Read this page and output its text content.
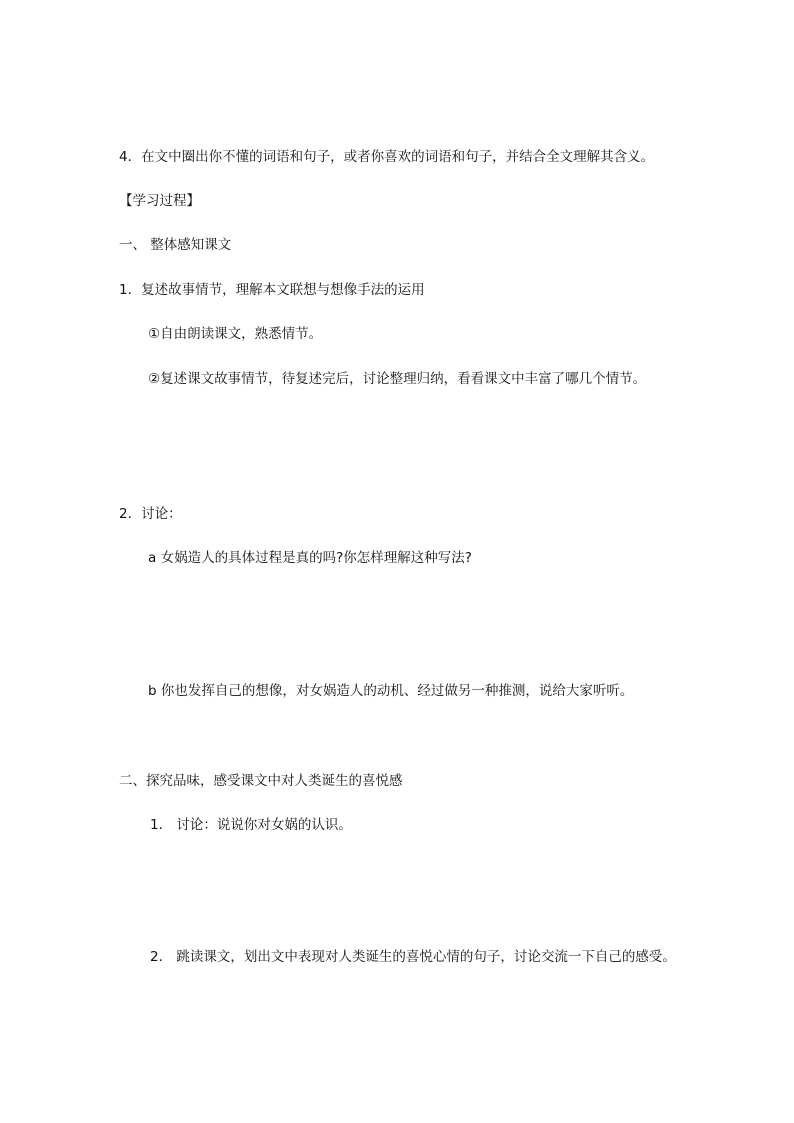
4．在文中圈出你不懂的词语和句子，或者你喜欢的词语和句子，并结合全文理解其含义。
【学习过程】
一、 整体感知课文
1．复述故事情节，理解本文联想与想像手法的运用
①自由朗读课文，熟悉情节。
②复述课文故事情节，待复述完后，讨论整理归纳，看看课文中丰富了哪几个情节。
2．讨论：
a 女娲造人的具体过程是真的吗?你怎样理解这种写法?
b 你也发挥自己的想像，对女娲造人的动机、经过做另一种推测，说给大家听听。
二、探究品味，感受课文中对人类诞生的喜悦感
1． 讨论：说说你对女娲的认识。
2． 跳读课文，划出文中表现对人类诞生的喜悦心情的句子，讨论交流一下自己的感受。
